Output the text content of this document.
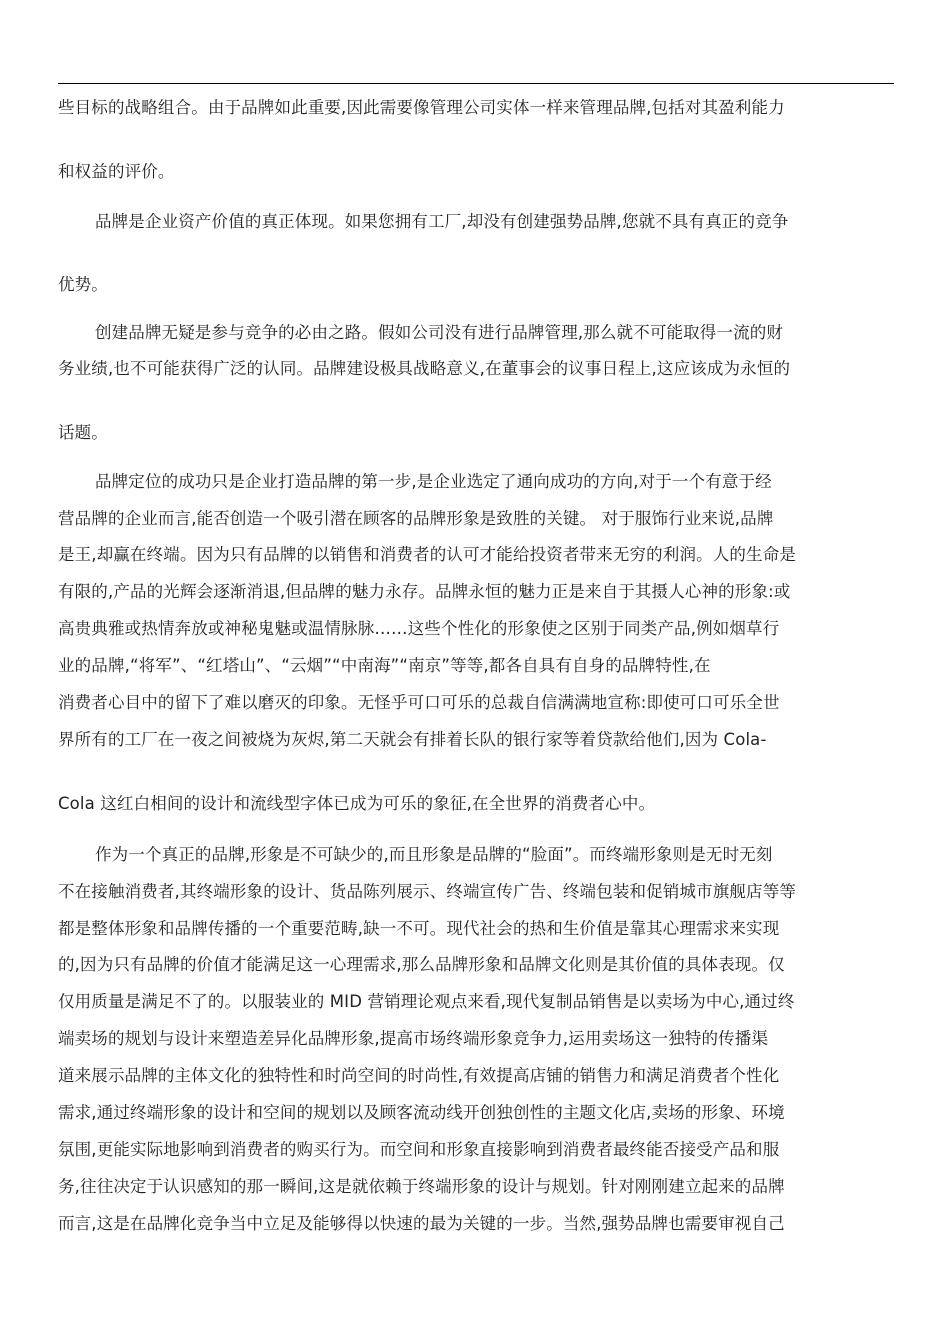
些目标的战略组合。由于品牌如此重要,因此需要像管理公司实体一样来管理品牌,包括对其盈利能力

和权益的评价。

品牌是企业资产价值的真正体现。如果您拥有工厂,却没有创建强势品牌,您就不具有真正的竞争

优势。

创建品牌无疑是参与竞争的必由之路。假如公司没有进行品牌管理,那么就不可能取得一流的财

务业绩,也不可能获得广泛的认同。品牌建设极具战略意义,在董事会的议事日程上,这应该成为永恒的

话题。

品牌定位的成功只是企业打造品牌的第一步,是企业选定了通向成功的方向,对于一个有意于经

营品牌的企业而言,能否创造一个吸引潜在顾客的品牌形象是致胜的关键。 对于服饰行业来说,品牌

是王,却赢在终端。因为只有品牌的以销售和消费者的认可才能给投资者带来无穷的利润。人的生命是

有限的,产品的光辉会逐渐消退,但品牌的魅力永存。品牌永恒的魅力正是来自于其摄人心神的形象:或

高贵典雅或热情奔放或神秘鬼魅或温情脉脉……这些个性化的形象使之区别于同类产品,例如烟草行

业的品牌,“将军”、“红塔山”、“云烟”“中南海”“南京”等等,都各自具有自身的品牌特性,在

消费者心目中的留下了难以磨灭的印象。无怪乎可口可乐的总裁自信满满地宣称:即使可口可乐全世

界所有的工厂在一夜之间被烧为灰烬,第二天就会有排着长队的银行家等着贷款给他们,因为 Cola-

Cola 这红白相间的设计和流线型字体已成为可乐的象征,在全世界的消费者心中。

作为一个真正的品牌,形象是不可缺少的,而且形象是品牌的“脸面”。而终端形象则是无时无刻

不在接触消费者,其终端形象的设计、货品陈列展示、终端宣传广告、终端包装和促销城市旗舰店等等

都是整体形象和品牌传播的一个重要范畴,缺一不可。现代社会的热和生价值是靠其心理需求来实现

的,因为只有品牌的价值才能满足这一心理需求,那么品牌形象和品牌文化则是其价值的具体表现。仅

仅用质量是满足不了的。以服装业的 MID 营销理论观点来看,现代复制品销售是以卖场为中心,通过终

端卖场的规划与设计来塑造差异化品牌形象,提高市场终端形象竞争力,运用卖场这一独特的传播渠

道来展示品牌的主体文化的独特性和时尚空间的时尚性,有效提高店铺的销售力和满足消费者个性化

需求,通过终端形象的设计和空间的规划以及顾客流动线开创独创性的主题文化店,卖场的形象、环境

氛围,更能实际地影响到消费者的购买行为。而空间和形象直接影响到消费者最终能否接受产品和服

务,往往决定于认识感知的那一瞬间,这是就依赖于终端形象的设计与规划。针对刚刚建立起来的品牌

而言,这是在品牌化竞争当中立足及能够得以快速的最为关键的一步。当然,强势品牌也需要审视自己
